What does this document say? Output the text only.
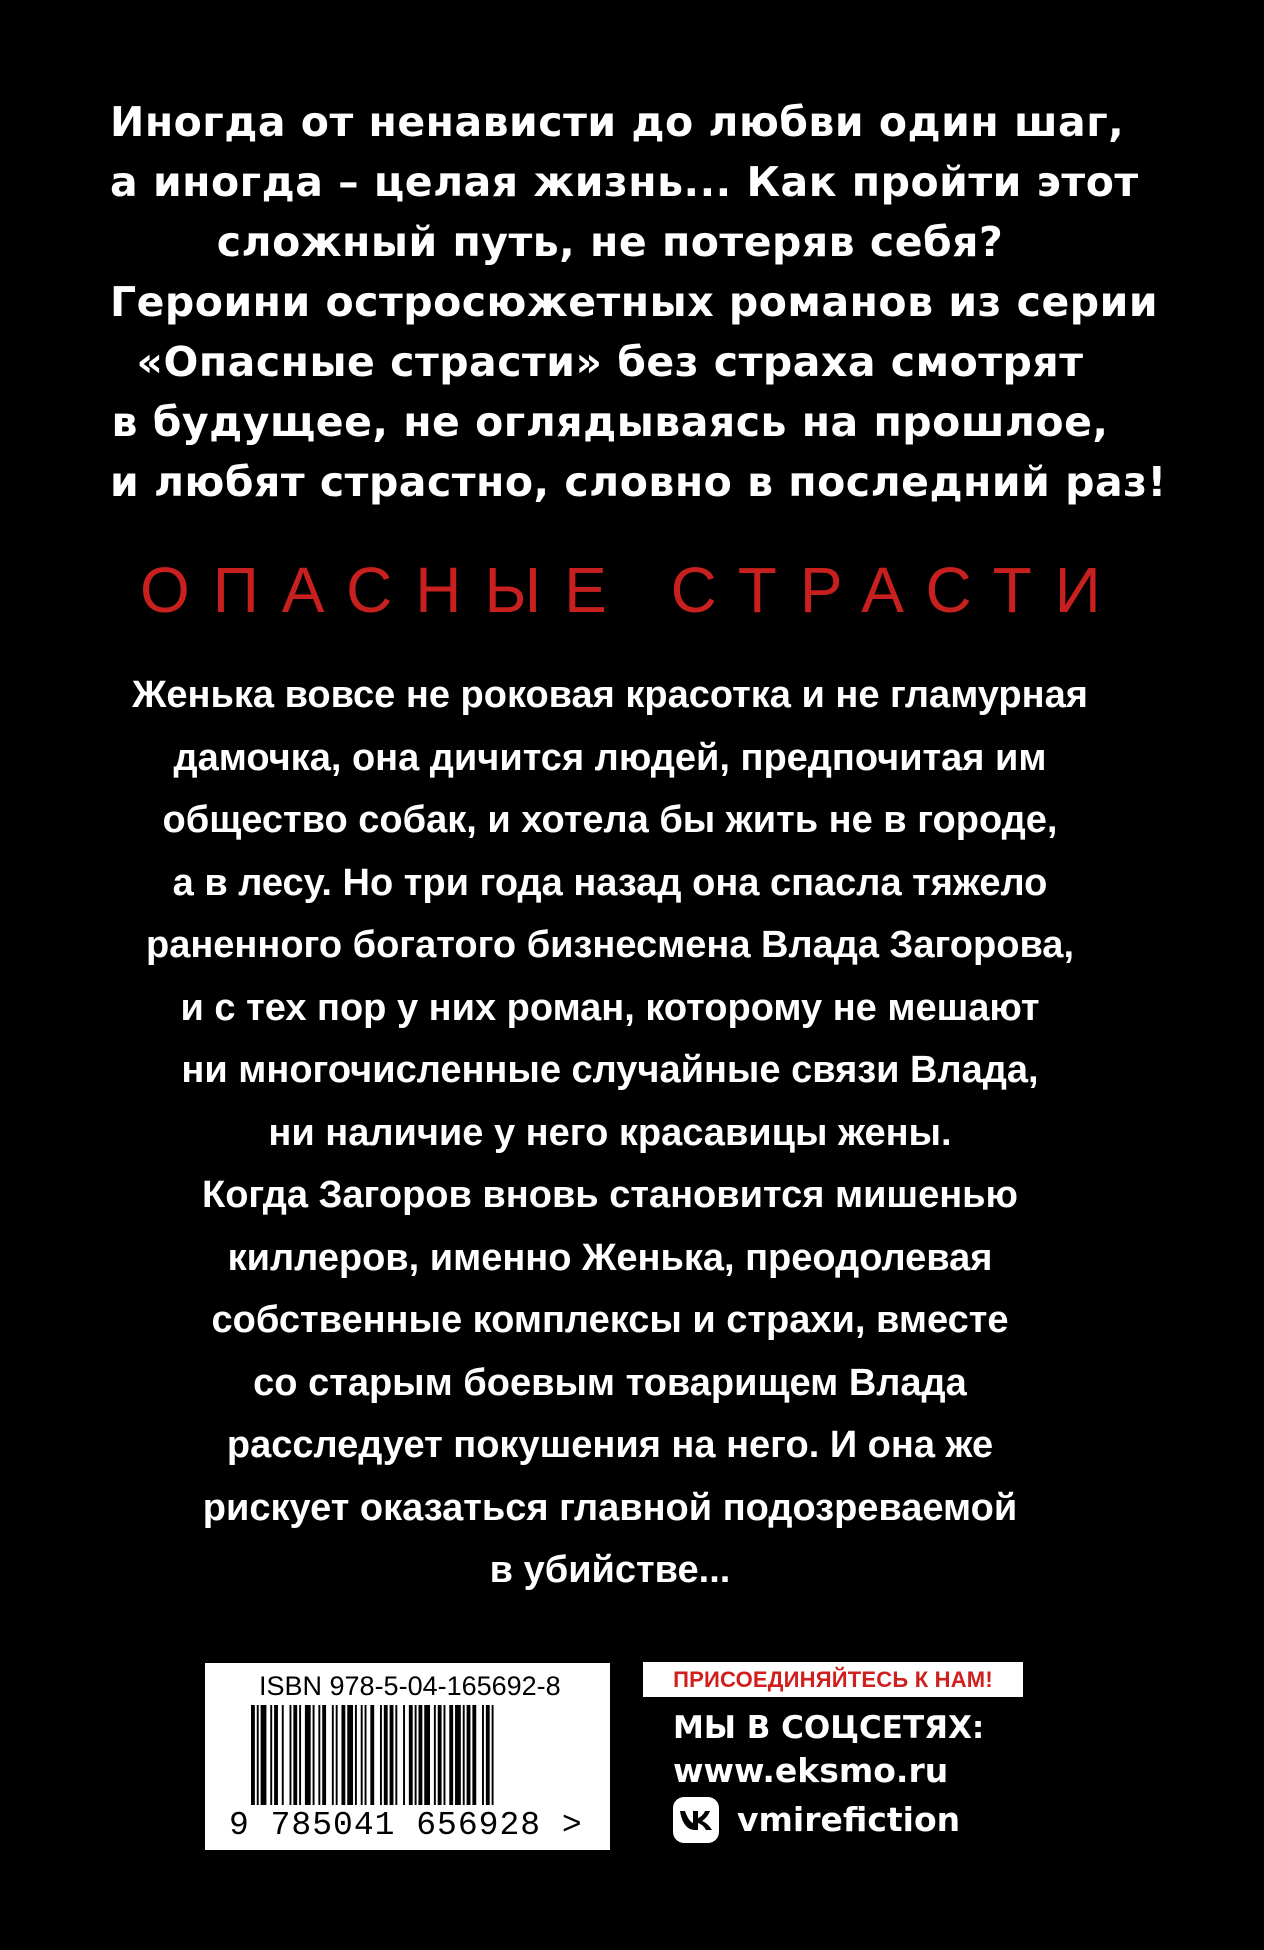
Иногда от ненависти до любви один шаг,
а иногда – целая жизнь... Как пройти этот
сложный путь, не потеряв себя?
Героини остросюжетных романов из серии
«Опасные страсти» без страха смотрят
в будущее, не оглядываясь на прошлое,
и любят страстно, словно в последний раз!
ОПАСНЫЕ СТРАСТИ
Женька вовсе не роковая красотка и не гламурная
дамочка, она дичится людей, предпочитая им
общество собак, и хотела бы жить не в городе,
а в лесу. Но три года назад она спасла тяжело
раненного богатого бизнесмена Влада Загорова,
и с тех пор у них роман, которому не мешают
ни многочисленные случайные связи Влада,
ни наличие у него красавицы жены.
Когда Загоров вновь становится мишенью
киллеров, именно Женька, преодолевая
собственные комплексы и страхи, вместе
со старым боевым товарищем Влада
расследует покушения на него. И она же
рискует оказаться главной подозреваемой
в убийстве...
ISBN 978-5-04-165692-8
9 785041 656928 >
ПРИСОЕДИНЯЙТЕСЬ К НАМ!
МЫ В СОЦСЕТЯХ:
www.eksmo.ru
vmirefiction
